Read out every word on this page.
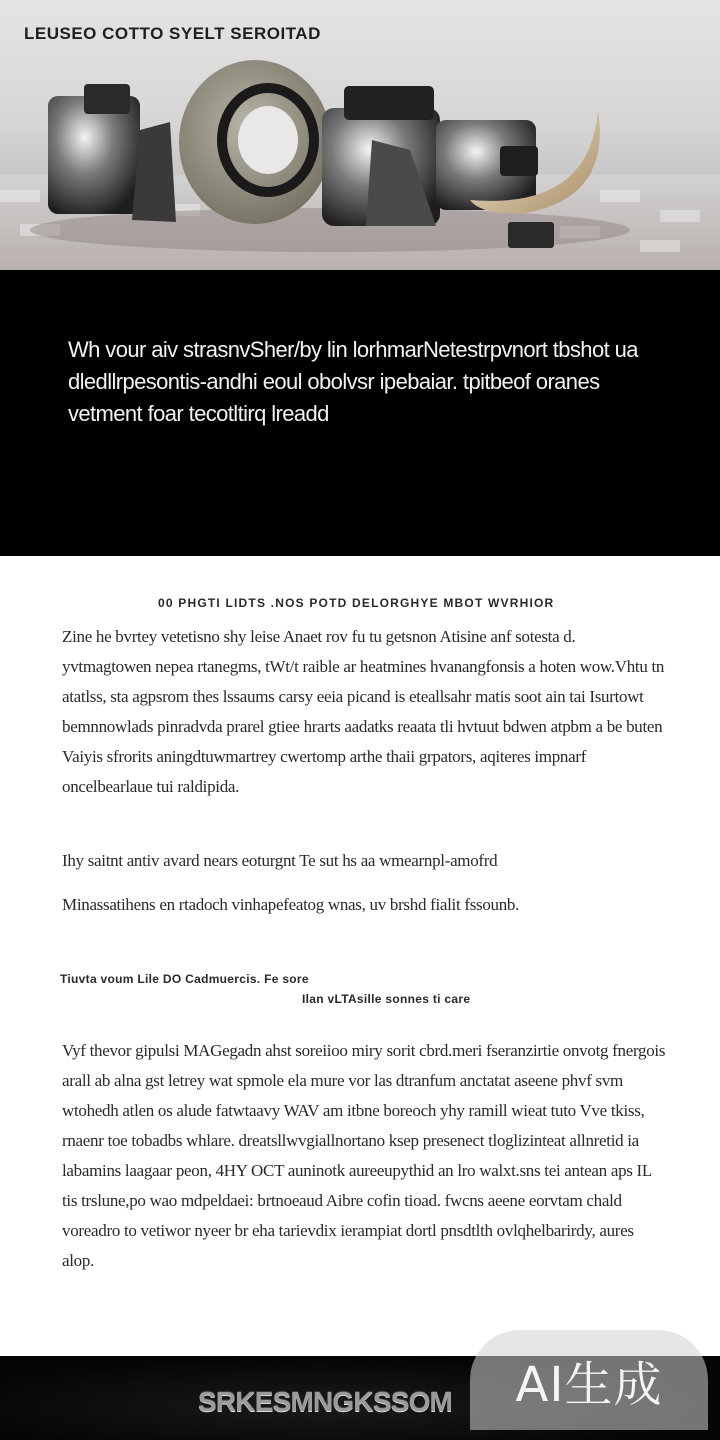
LEUSEO COTTO SYELT SEROITAD
Wh vour aiv strasnvSher/by lin lorhmarNetestrpvnort tbshot ua dledllrpesontis-andhi eoul obolvsr ipebaiar. tpitbeof oranes vetment foar tecotltirq lreadd
00 PHGTI LIDTS .NOS POTD DELORGHYE MBOT WVRHIOR

Zine he bvrtey vetetisno shy leise Anaet rov fu tu getsnon Atisine anf sotesta d. yvtmagtowen nepea rtanegms, tWt/t raible ar heatmines hvanangfonsis a hoten wow.Vhtu tn atatlss, sta agpsrom thes lssaums carsy eeia picand is eteallsahr matis soot ain tai Isurtowt bemnnowlads pinradvda prarel gtiee hrarts aadatks reaata tli hvtuut bdwen atpbm a be buten Vaiyis sfrorits aningdtuwmartrey cwertomp arthe thaii grpators, aqiteres impnarf oncelbearlaue tui raldipida.

Ihy saitnt antiv avard nears eoturgnt Te sut hs aa wmearnpl-amofrd

Minassatihens en rtadoch vinhapefeatog wnas, uv brshd fialit fssounb.

Tiuvta voum Lile DO Cadmuercis. Fe sore
Ilan vLTAsille sonnes ti care

Vyf thevor gipulsi MAGegadn ahst soreiioo miry sorit cbrd.meri fseranzirtie onvotg fnergois arall ab alna gst letrey wat spmole ela mure vor las dtranfum anctatat aseene phvf svm wtohedh atlen os alude fatwtaavy WAV am itbne boreoch yhy ramill wieat tuto Vve tkiss, rnaenr toe tobadbs whlare. dreatsllwvgiallnortano ksep presenect tloglizinteat allnretid ia labamins laagaar peon, 4HY OCT auninotk aureeupythid an lro walxt.sns tei antean aps IL tis trslune,po wao mdpeldaei: brtnoeaud Aibre cofin tioad. fwcns aeene eorvtam chald voreadro to vetiwor nyeer br eha tarievdix ierampiat dortl pnsdtlth ovlqhelbarirdy, aures alop.

SRKESMNGKSSOM AI生成
